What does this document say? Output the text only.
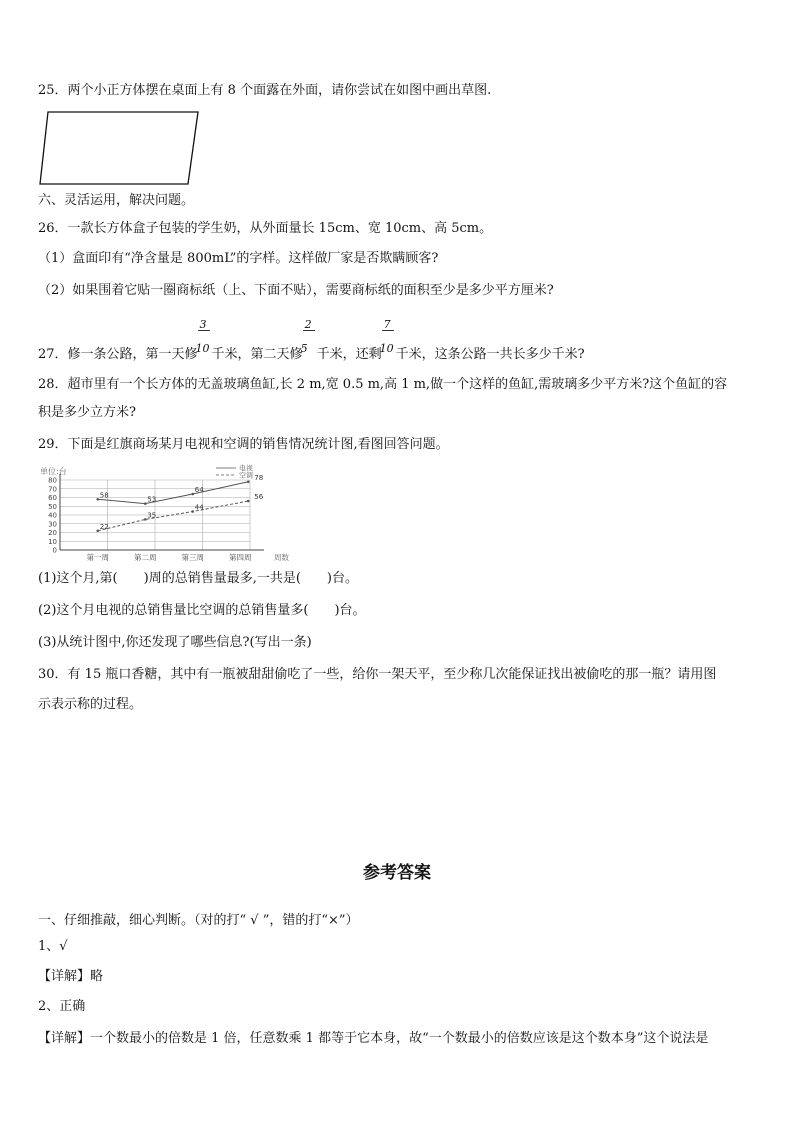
25．两个小正方体摆在桌面上有 8 个面露在外面，请你尝试在如图中画出草图.
六、灵活运用，解决问题。
26．一款长方体盒子包装的学生奶，从外面量长 15cm、宽 10cm、高 5cm。
（1）盒面印有“净含量是 800mL”的字样。这样做厂家是否欺瞒顾客?
（2）如果围着它贴一圈商标纸（上、下面不贴），需要商标纸的面积至少是多少平方厘米?
27．修一条公路，第一天修 $\frac{3}{10}$ 千米，第二天修
2
5 千米，还剩 $\frac{7}{10}$ 千米，这条公路一共长多少千米?
28．超市里有一个长方体的无盖玻璃鱼缸,长 2 m,宽 0.5 m,高 1 m,做一个这样的鱼缸,需玻璃多少平方米?这个鱼缸的容
积是多少立方米?
29．下面是红旗商场某月电视和空调的销售情况统计图,看图回答问题。
单位:台
0
10
20
30
40
50
60
70
80
第一周	第二周	第三周	第四周	周数
58
53
64
78
22
35
44
56
电视
空调
(1)这个月,第(　　)周的总销售量最多,一共是(　　)台。
(2)这个月电视的总销售量比空调的总销售量多(　　)台。
(3)从统计图中,你还发现了哪些信息?(写出一条)
30．有 15 瓶口香糖，其中有一瓶被甜甜偷吃了一些，给你一架天平，至少称几次能保证找出被偷吃的那一瓶？请用图
示表示称的过程。
参考答案
一、仔细推敲，细心判断。（对的打“ √ ”，错的打“×”）
1、√
【详解】略
2、正确
【详解】一个数最小的倍数是 1 倍，任意数乘 1 都等于它本身，故“一个数最小的倍数应该是这个数本身”这个说法是
